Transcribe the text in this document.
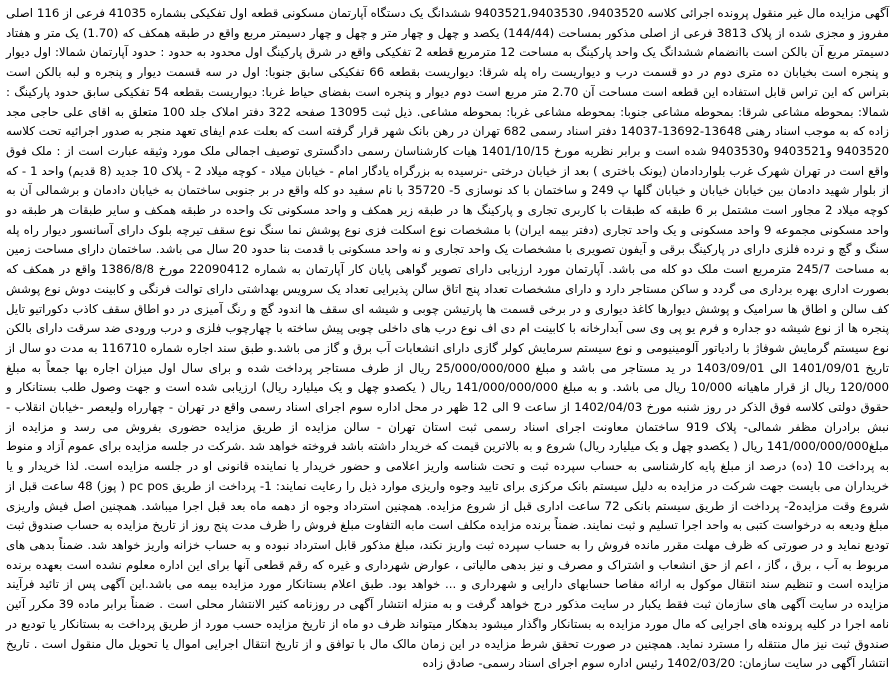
آگهی مزایده مال غیر منقول پرونده اجرائی کلاسه 9403520، 9403521،9403530 ششدانگ یک دستگاه آپارتمان مسکونی قطعه اول تفکیکی بشماره 41035 فرعی از 116 اصلی مفروز و مجزی شده از پلاک 3813 فرعی از اصلی مذکور بمساحت (144/44) یکصد و چهل و چهار متر و چهل و چهار دسیمتر مربع واقع در طبقه همکف که (1.70) یک متر و هفتاد دسیمتر مربع آن بالکن است باانضمام ششدانگ یک واحد پارکینگ به مساحت 12 مترمربع قطعه 2 تفکیکی واقع در شرق پارکینگ اول محدود به حدود : حدود آپارتمان شمالا: اول دیوار و پنجره است بخیابان ده متری دوم در دو قسمت درب و دیواریست راه پله شرقا: دیواریست بقطعه 66 تفکیکی سابق جنوبا: اول در سه قسمت دیوار و پنجره و لبه بالکن است بتراس که این تراس قابل استفاده این قطعه است مساحت آن 2.70 متر مربع است دوم دیوار و پنجره است بفضای حیاط غربا: دیواریست بقطعه 54 تفکیکی سابق حدود پارکینگ : شمالا: بمحوطه مشاعی شرقا: بمحوطه مشاعی جنوبا: بمحوطه مشاعی غربا: بمحوطه مشاعی. ذیل ثبت 13095 صفحه 322 دفتر املاک جلد 100 متعلق به اقای علی حاجی مجد زاده که به موجب اسناد رهنی 13648-13692-14037 دفتر اسناد رسمی 682 تهران در رهن بانک شهر قرار گرفته است که بعلت عدم ایفای تعهد منجر به صدور اجرائیه تحت کلاسه 9403520 و9403521 و9403530 شده است و برابر نظریه مورخ 1401/10/15 هیات کارشناسان رسمی دادگستری توصیف اجمالی ملک مورد وثیقه عبارت است از : ملک فوق واقع است در تهران شهرک غرب بلواردادمان (یونک باختری ) بعد از خیابان درختی -نرسیده به بزرگراه یادگار امام - خیابان میلاد - کوچه میلاد 2 - پلاک 10 جدید (8 قدیم) واحد 1 - که از بلوار شهید دادمان بین خیابان خیابان و خیابان گلها پ 249 و ساختمان با کد نوسازی 5- 35720 با نام سفید دو کله واقع در بر جنوبی ساختمان به خیابان دادمان و برشمالی آن به کوچه میلاد 2 مجاور است مشتمل بر 6 طبقه که طبقات با کاربری تجاری و پارکینگ ها در طبقه زیر همکف و واحد مسکونی تک واحده در طبقه همکف و سایر طبقات هر طبقه دو واحد مسکونی مجموعه 9 واحد مسکونی و یک واحد تجاری (دفتر بیمه ایران) با مشخصات نوع اسکلت فزی نوع پوشش نما سنگ نوع سقف تیرچه بلوک دارای آسانسور دیوار راه پله سنگ و گچ و نرده فلزی دارای در پارکینگ برقی و آیفون تصویری با مشخصات یک واحد تجاری و نه واحد مسکونی با قدمت بنا حدود 20 سال می باشد. ساختمان دارای مساحت زمین به مساحت 245/7 مترمربع است ملک دو کله می باشد. آپارتمان مورد ارزیابی دارای تصویر گواهی پایان کار آپارتمان به شماره 22090412 مورخ 1386/8/8 واقع در همکف که بصورت اداری بهره برداری می گردد و ساکن مستاجر دارد و دارای مشخصات تعداد پنج اتاق سالن پذیرایی تعداد یک سرویس بهداشتی دارای توالت فرنگی و کابینت دوش نوع پوشش کف سالن و اطاق ها سرامیک و پوشش دیوارها کاغذ دیواری و در برخی قسمت ها پارتیشن چوبی و شیشه ای سقف ها اندود گچ و رنگ آمیزی در دو اطاق سقف کاذب دکوراتیو تایل پنجره ها از نوع شیشه دو جداره و فرم یو پی وی سی آبدارخانه با کابینت ام دی اف نوع درب های داخلی چوبی پیش ساخته با چهارچوب فلزی و درب ورودی ضد سرقت دارای بالکن نوع سیستم گرمایش شوفاژ با رادیاتور آلومینیومی و نوع سیستم سرمایش کولر گازی دارای انشعابات آب برق و گاز می باشد.و طبق سند اجاره شماره 116710 به مدت دو سال از تاریخ 1401/09/01 الی 1403/09/01 در ید مستاجر می باشد و مبلغ 25/000/000/000 ریال از طرف مستاجر پرداخت شده و برای سال اول میزان اجاره بها جمعاً به مبلغ 120/000 ریال از قرار ماهیانه 10/000 ریال می باشد. و به مبلغ 141/000/000/000 ریال ( یکصدو چهل و یک میلیارد ریال) ارزیابی شده است و جهت وصول طلب بستانکار و حقوق دولتی کلاسه فوق الذکر در روز شنبه مورخ 1402/04/03 از ساعت 9 الی 12 ظهر در محل اداره سوم اجرای اسناد رسمی واقع در تهران - چهارراه ولیعصر -خیابان انقلاب - نبش برادران مظفر شمالی- پلاک 919 ساختمان معاونت اجرای اسناد رسمی ثبت استان تهران - سالن مزایده از طریق مزایده حضوری بفروش می رسد و مزایده از مبلغ141/000/000/000 ریال ( یکصدو چهل و یک میلیارد ریال) شروع و به بالاترین قیمت که خریدار داشته باشد فروخته خواهد شد .شرکت در جلسه مزایده برای عموم آزاد و منوط به پرداخت 10 (ده) درصد از مبلغ پایه کارشناسی به حساب سپرده ثبت و تحت شناسه واریز اعلامی و حضور خریدار یا نماینده قانونی او در جلسه مزایده است. لذا خریدار و یا خریداران می بایست جهت شرکت در مزایده به دلیل سیستم بانک مرکزی برای تایید وجوه واریزی موارد ذیل را رعایت نمایند: 1- پرداخت از طریق pc pos ( پوز) 48 ساعت قبل از شروع وقت مزایده2- پرداخت از طریق سیستم بانکی 72 ساعت اداری قبل از شروع مزایده. همچنین استرداد وجوه از دهمه ماه بعد قبل اجرا میباشد. همچنین اصل فیش واریزی مبلغ ودیعه به درخواست کتبی به واحد اجرا تسلیم و ثبت نمایند. ضمناً برنده مزایده مکلف است مابه التفاوت مبلغ فروش را ظرف مدت پنج روز از تاریخ مزایده به حساب صندوق ثبت تودیع نماید و در صورتی که ظرف مهلت مقرر مانده فروش را به حساب سپرده ثبت واریز نکند، مبلغ مذکور قابل استرداد نبوده و به حساب خزانه واریز خواهد شد. ضمناً بدهی های مربوط به آب ، برق ، گاز ، اعم از حق انشعاب و اشتراک و مصرف و نیز بدهی مالیاتی ، عوارض شهرداری و غیره که رقم قطعی آنها برای این اداره معلوم نشده است بعهده برنده مزایده است و تنظیم سند انتقال موکول به ارائه مفاصا حسابهای دارایی و شهرداری و ... خواهد بود. طبق اعلام بستانکار مورد مزایده بیمه می باشد.این آگهی پس از تائید فرآیند مزایده در سایت آگهی های سازمان ثبت فقط یکبار در سایت مذکور درج خواهد گرفت و به منزله انتشار آگهی در روزنامه کثیر الانتشار محلی است . ضمناً برابر ماده 39 مکرر آئین نامه اجرا در کلیه پرونده های اجرایی که مال مورد مزایده به بستانکار واگذار میشود بدهکار میتواند ظرف دو ماه از تاریخ مزایده حسب مورد از طریق پرداخت به بستانکار یا تودیع در صندوق ثبت نیز مال منتقله را مسترد نماید. همچنین در صورت تحقق شرط مزایده در این زمان مالک مال با توافق و از تاریخ انتقال اجرایی اموال یا تحویل مال منقول است . تاریخ انتشار آگهی در سایت سازمان: 1402/03/20 رئیس اداره سوم اجرای اسناد رسمی- صادق زاده
